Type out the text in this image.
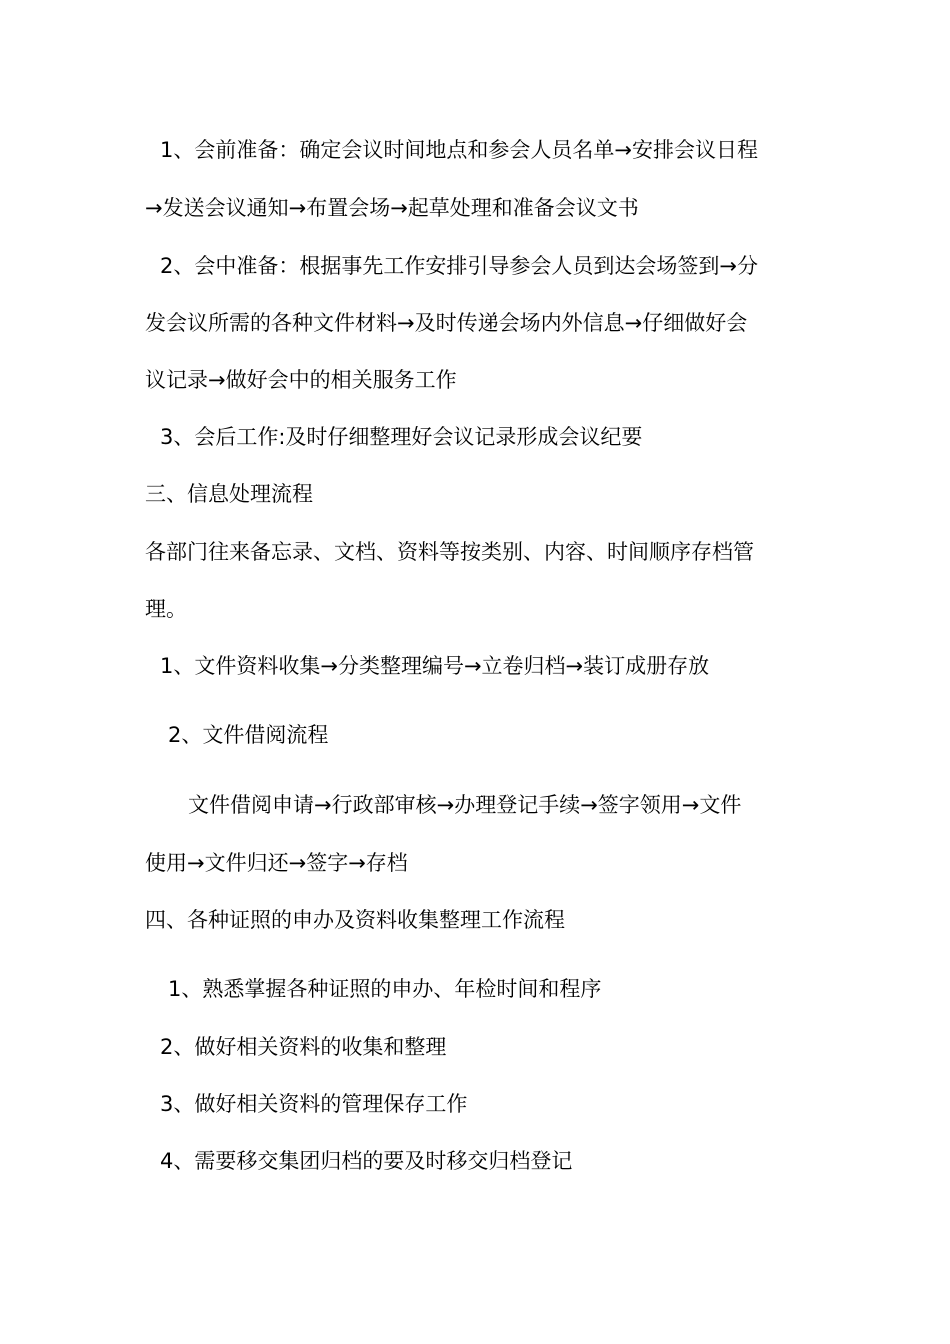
1、会前准备：确定会议时间地点和参会人员名单→安排会议日程
→发送会议通知→布置会场→起草处理和准备会议文书
2、会中准备：根据事先工作安排引导参会人员到达会场签到→分
发会议所需的各种文件材料→及时传递会场内外信息→仔细做好会
议记录→做好会中的相关服务工作
3、会后工作:及时仔细整理好会议记录形成会议纪要
三、信息处理流程
各部门往来备忘录、文档、资料等按类别、内容、时间顺序存档管
理。
1、文件资料收集→分类整理编号→立卷归档→装订成册存放
2、文件借阅流程
文件借阅申请→行政部审核→办理登记手续→签字领用→文件
使用→文件归还→签字→存档
四、各种证照的申办及资料收集整理工作流程
1、熟悉掌握各种证照的申办、年检时间和程序
2、做好相关资料的收集和整理
3、做好相关资料的管理保存工作
4、需要移交集团归档的要及时移交归档登记
